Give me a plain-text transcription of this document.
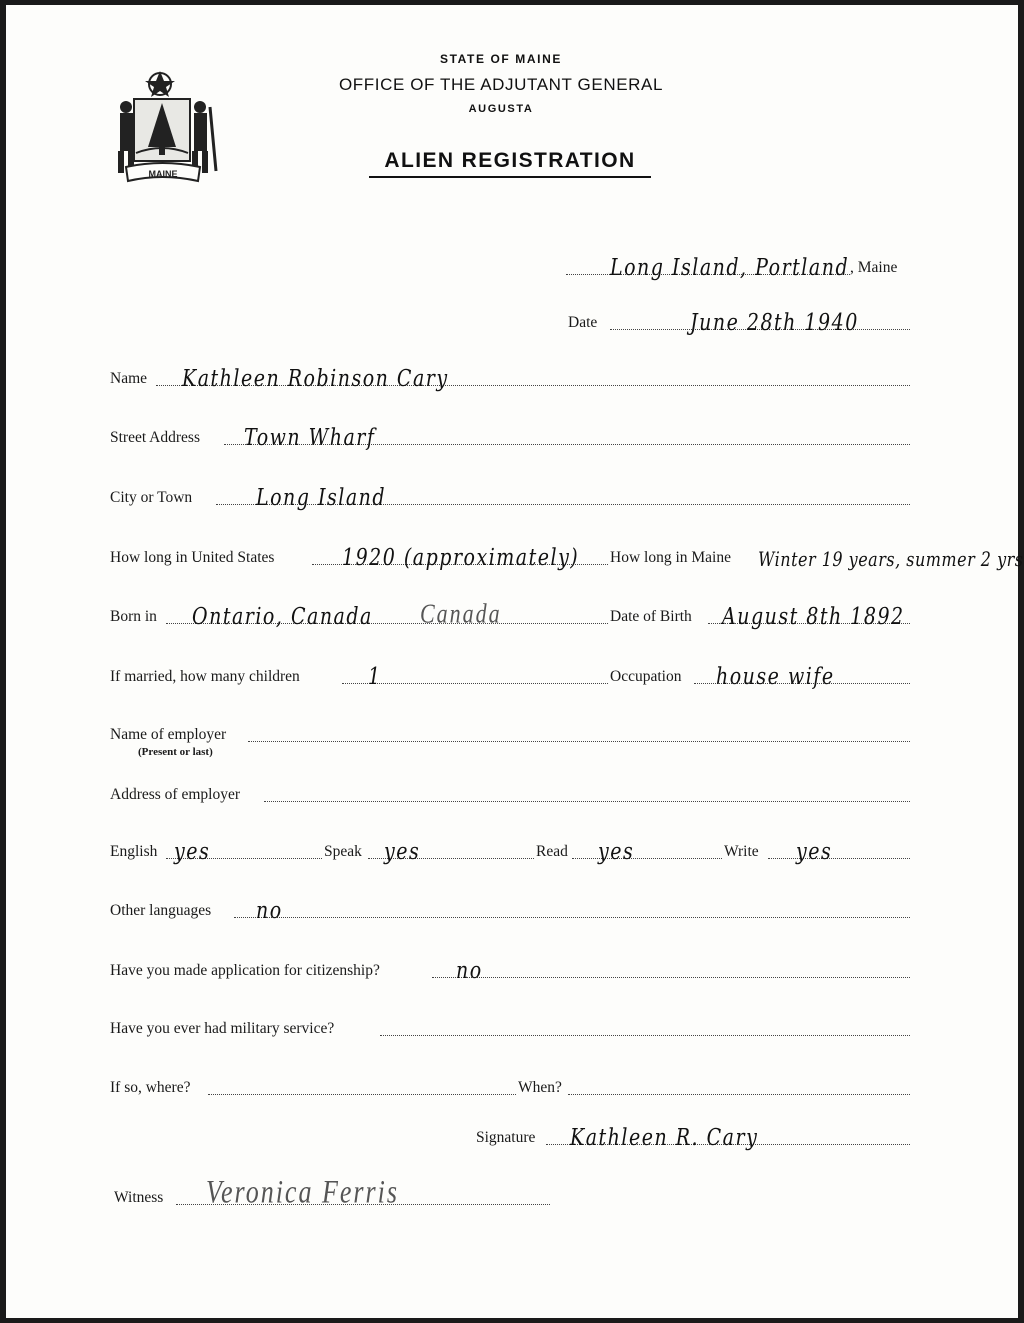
MAINE
STATE OF MAINE
OFFICE OF THE ADJUTANT GENERAL
AUGUSTA
ALIEN REGISTRATION
Long Island, Portland , Maine
Date	June 28th 1940
Name Kathleen Robinson Cary
Street Address Town Wharf
City or Town	Long Island
How long in United States	1920 (approximately) How long in Maine Winter 19 years, summer 2 yrs
Born in Ontario, Canada Canada	Date of Birth August 8th 1892
If married, how many children	1	Occupation house wife
Name of employer
(Present or last)
Address of employer
English yes	Speak yes	Read yes	Write yes
Other languages no
Have you made application for citizenship?	no
Have you ever had military service?
If so, where?	When?
Signature Kathleen R. Cary
Witness Veronica Ferris
